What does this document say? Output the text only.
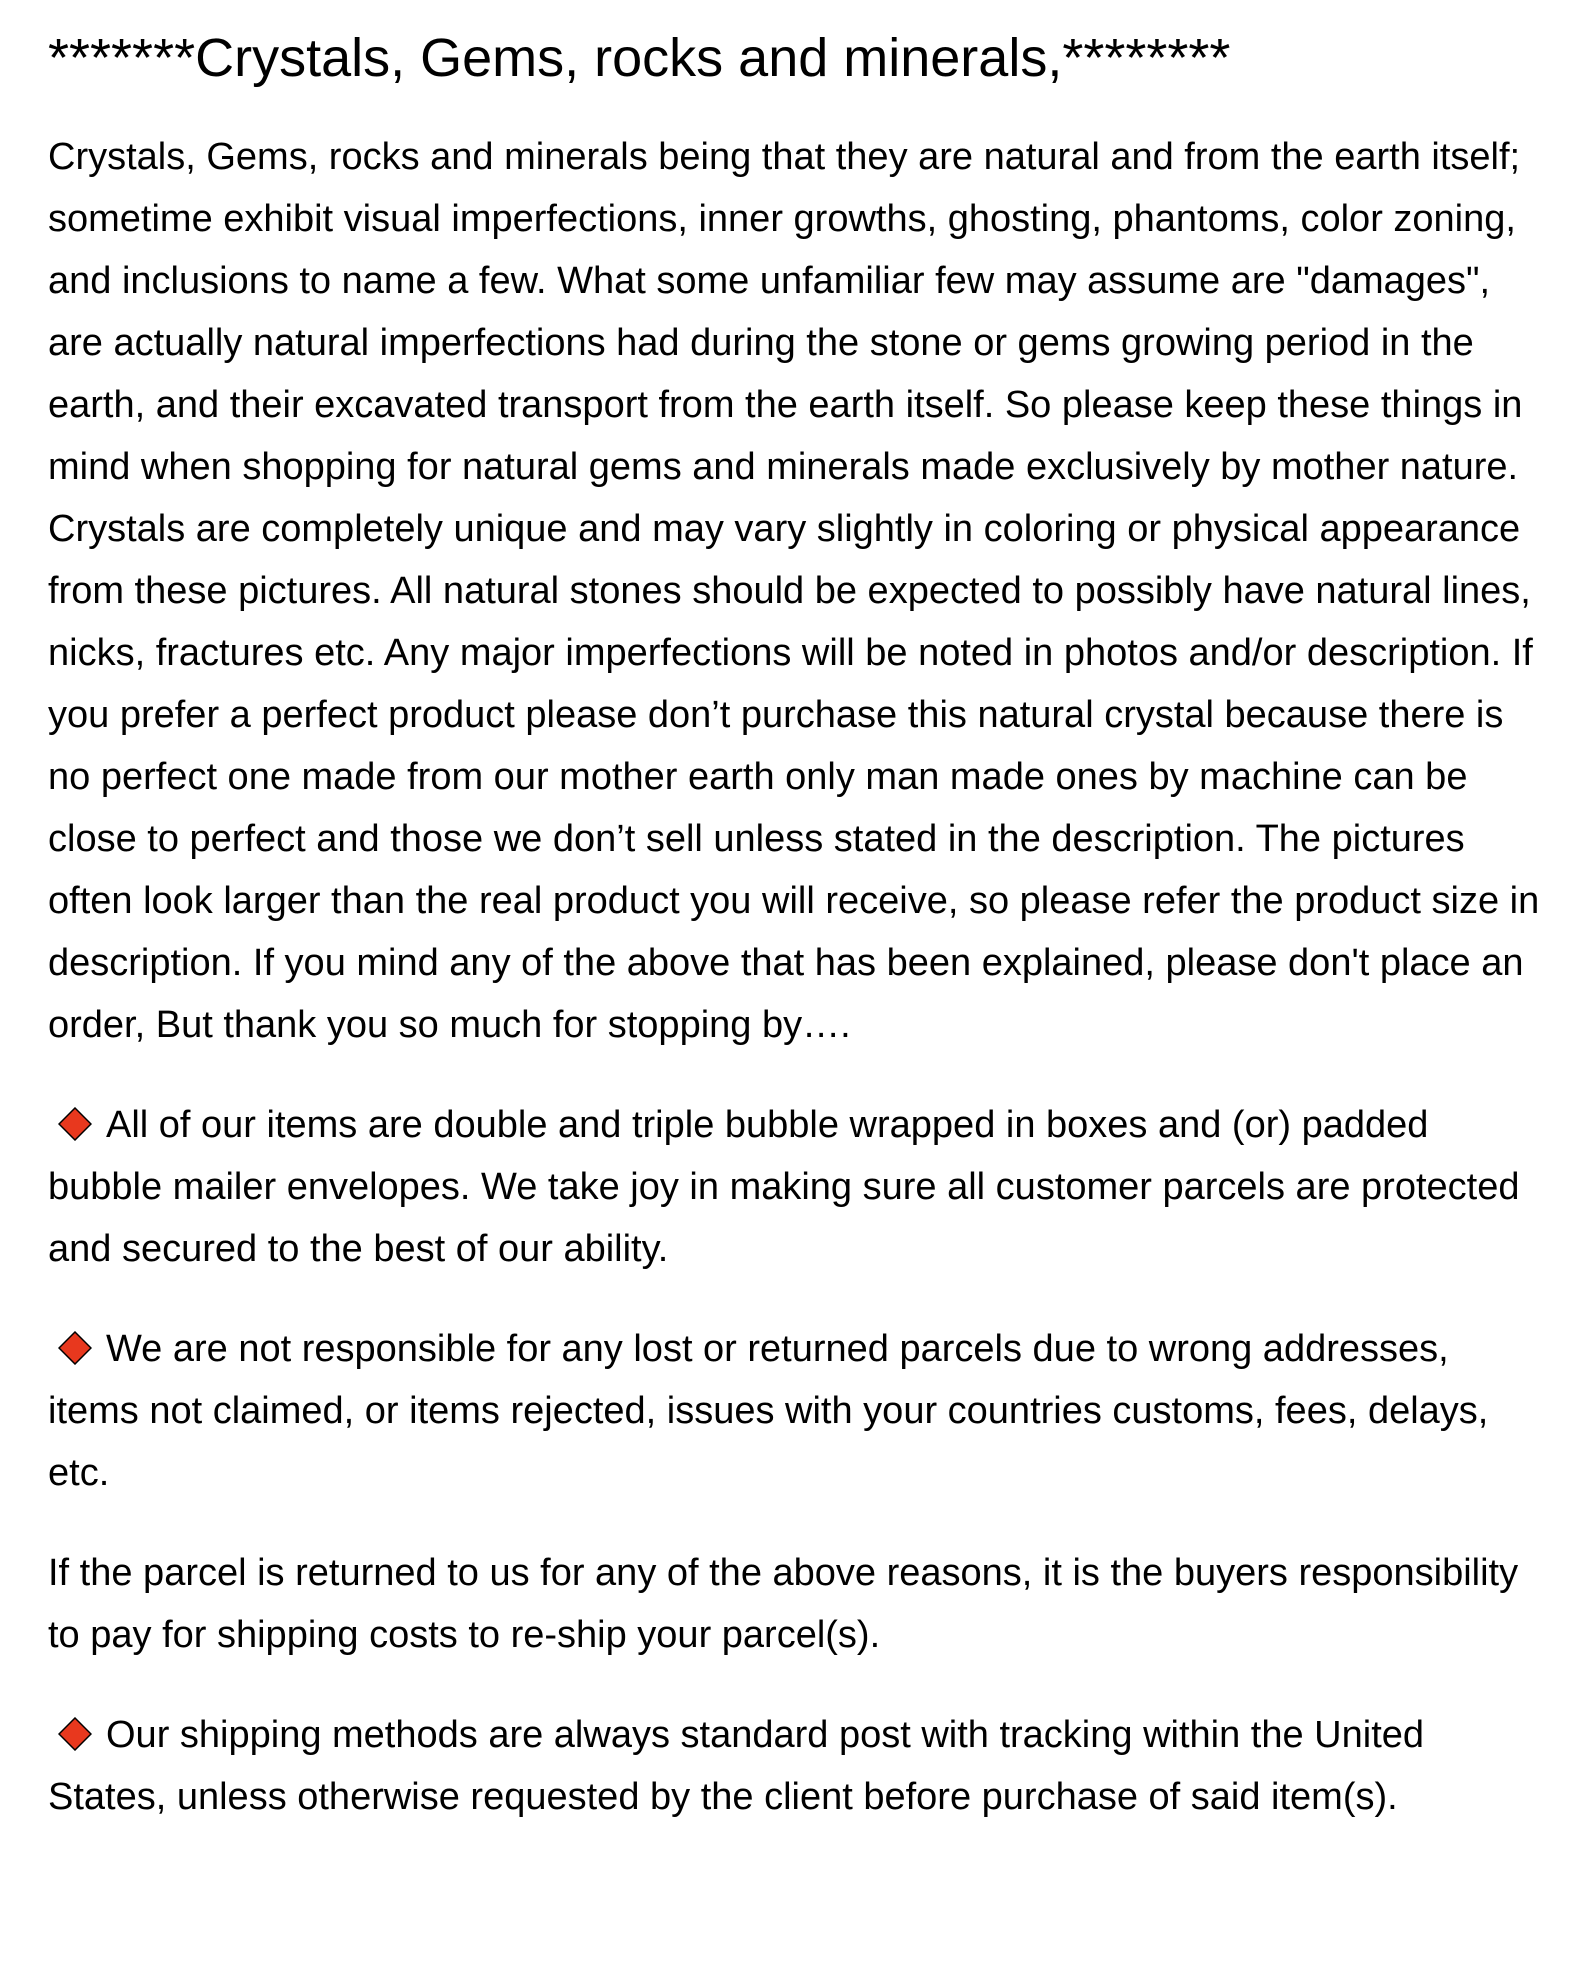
*******Crystals, Gems, rocks and minerals,********

Crystals, Gems, rocks and minerals being that they are natural and from the earth itself; sometime exhibit visual imperfections, inner growths, ghosting, phantoms, color zoning, and inclusions to name a few. What some unfamiliar few may assume are "damages", are actually natural imperfections had during the stone or gems growing period in the earth, and their excavated transport from the earth itself. So please keep these things in mind when shopping for natural gems and minerals made exclusively by mother nature. Crystals are completely unique and may vary slightly in coloring or physical appearance from these pictures. All natural stones should be expected to possibly have natural lines, nicks, fractures etc. Any major imperfections will be noted in photos and/or description. If you prefer a perfect product please don’t purchase this natural crystal because there is no perfect one made from our mother earth only man made ones by machine can be close to perfect and those we don’t sell unless stated in the description. The pictures often look larger than the real product you will receive, so please refer the product size in description. If you mind any of the above that has been explained, please don't place an order, But thank you so much for stopping by….

All of our items are double and triple bubble wrapped in boxes and (or) padded bubble mailer envelopes. We take joy in making sure all customer parcels are protected and secured to the best of our ability.

We are not responsible for any lost or returned parcels due to wrong addresses, items not claimed, or items rejected, issues with your countries customs, fees, delays, etc.

If the parcel is returned to us for any of the above reasons, it is the buyers responsibility to pay for shipping costs to re-ship your parcel(s).

Our shipping methods are always standard post with tracking within the United States, unless otherwise requested by the client before purchase of said item(s).
